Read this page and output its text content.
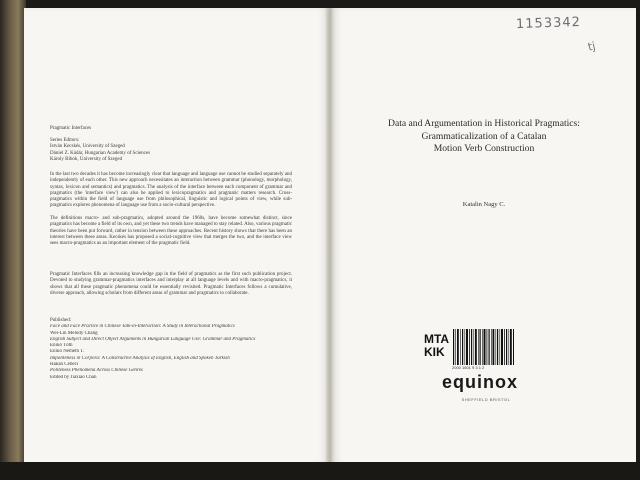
Pragmatic Interfaces
Series Editors:
István Kecskés, University of Szeged
Dániel Z. Kádár, Hungarian Academy of Sciences
Károly Bibok, University of Szeged
In the last two decades it has become increasingly clear that language and language use cannot be studied separately and independently of each other. This new approach necessitates an interaction between grammar (phonology, morphology, syntax, lexicon and semantics) and pragmatics. The analysis of the interface between each component of grammar and pragmatics (the 'interface view') can also be applied to lexicopragmatics and pragmatic matters research. Cross-pragmatics within the field of language use from philosophical, linguistic and logical points of view, while sub-pragmatics explores phenomena of language use from a socio-cultural perspective.
The definitions macro- and sub-pragmatics, adopted around the 1960s, have become somewhat distinct, since pragmatics has become a field of its own, and yet these two trends have managed to stay related. Also, various pragmatic theories have been put forward, rather in tension between these approaches. Recent history shows that there has been an interest between these areas. Kecskés has proposed a social-cognitive view that merges the two, and the interface view sees macro-pragmatics as an important element of the pragmatic field.
Pragmatic Interfaces fills an increasing knowledge gap in the field of pragmatics as the first such publication project. Devoted to studying grammar-pragmatics interfaces and interplay at all language levels and with macro-pragmatics, it shows that all these pragmatic phenomena could be essentially revisited. Pragmatic Interfaces follows a cumulative, diverse approach, allowing scholars from different areas of grammar and pragmatics to collaborate.
Published:
Face and Face Practice in Chinese Talk-in-Interaction: A Study in Interactional Pragmatics
Wei-Lin Melody Chang
English Subject and Direct Object Arguments in Hungarian Language Use: Grammar and Pragmatics
Enikő Tóth
Enikő Németh T.
Impoliteness in Corpora: A Constructive Analysis of English, English and Spoken Turkish
Hakan Cebeci
Politeness Phenomena Across Chinese Genres
Edited by Jiaxiao Chan
1153342
tj
Data and Argumentation in Historical Pragmatics:
Grammaticalization of a Catalan
Motion Verb Construction
Katalin Nagy C.
MTA
KIK
2000 1601 9 3 1 2
equinox
SHEFFIELD BRISTOL
